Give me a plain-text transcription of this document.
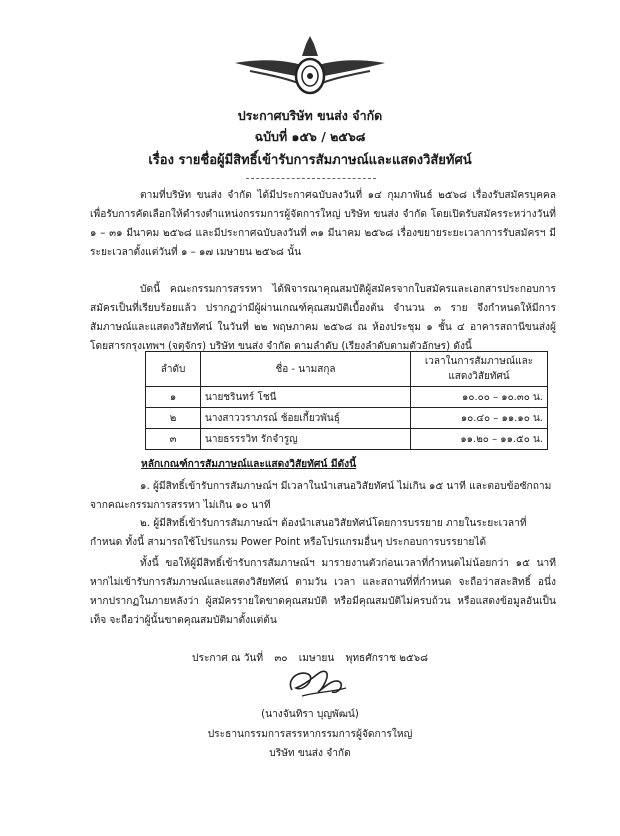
ประกาศบริษัท ขนส่ง จำกัด
ฉบับที่ ๑๕๖ / ๒๕๖๘
เรื่อง รายชื่อผู้มีสิทธิ์เข้ารับการสัมภาษณ์และแสดงวิสัยทัศน์
ตามที่บริษัท ขนส่ง จำกัด ได้มีประกาศฉบับลงวันที่ ๑๔ กุมภาพันธ์ ๒๕๖๘ เรื่องรับสมัครบุคคลเพื่อรับการคัดเลือกให้ดำรงตำแหน่งกรรมการผู้จัดการใหญ่ บริษัท ขนส่ง จำกัด โดยเปิดรับสมัครระหว่างวันที่ ๑ – ๓๑ มีนาคม ๒๕๖๘ และมีประกาศฉบับลงวันที่ ๓๑ มีนาคม ๒๕๖๘ เรื่องขยายระยะเวลาการรับสมัครฯ มีระยะเวลาตั้งแต่วันที่ ๑ – ๑๗ เมษายน ๒๕๖๘ นั้น
บัดนี้ คณะกรรมการสรรหา ได้พิจารณาคุณสมบัติผู้สมัครจากใบสมัครและเอกสารประกอบการสมัครเป็นที่เรียบร้อยแล้ว ปรากฏว่ามีผู้ผ่านเกณฑ์คุณสมบัติเบื้องต้น จำนวน ๓ ราย จึงกำหนดให้มีการสัมภาษณ์และแสดงวิสัยทัศน์ ในวันที่ ๒๒ พฤษภาคม ๒๕๖๘ ณ ห้องประชุม ๑ ชั้น ๔ อาคารสถานีขนส่งผู้โดยสารกรุงเทพฯ (จตุจักร) บริษัท ขนส่ง จำกัด ตามลำดับ (เรียงลำดับตามตัวอักษร) ดังนี้
ลำดับ	ชื่อ - นามสกุล	เวลาในการสัมภาษณ์และแสดงวิสัยทัศน์
๑	นายชรินทร์ โชนี	๑๐.๐๐ – ๑๐.๓๐ น.
๒	นางสาววราภรณ์ ช้อยเกี้ยวพันธุ์	๑๐.๔๐ – ๑๑.๑๐ น.
๓	นายธรรรวิท รักจำรูญ	๑๑.๒๐ – ๑๑.๕๐ น.
หลักเกณฑ์การสัมภาษณ์และแสดงวิสัยทัศน์ มีดังนี้
๑. ผู้มีสิทธิ์เข้ารับการสัมภาษณ์ฯ มีเวลาในนำเสนอวิสัยทัศน์ ไม่เกิน ๑๕ นาที และตอบข้อซักถามจากคณะกรรมการสรรหา ไม่เกิน ๑๐ นาที
๒. ผู้มีสิทธิ์เข้ารับการสัมภาษณ์ฯ ต้องนำเสนอวิสัยทัศน์โดยการบรรยาย ภายในระยะเวลาที่กำหนด ทั้งนี้ สามารถใช้โปรแกรม Power Point หรือโปรแกรมอื่นๆ ประกอบการบรรยายได้
ทั้งนี้ ขอให้ผู้มีสิทธิ์เข้ารับการสัมภาษณ์ฯ มารายงานตัวก่อนเวลาที่กำหนดไม่น้อยกว่า ๑๕ นาที หากไม่เข้ารับการสัมภาษณ์และแสดงวิสัยทัศน์ ตามวัน เวลา และสถานที่ที่กำหนด จะถือว่าสละสิทธิ์ อนึ่ง หากปรากฏในภายหลังว่า ผู้สมัครรายใดขาดคุณสมบัติ หรือมีคุณสมบัติไม่ครบถ้วน หรือแสดงข้อมูลอันเป็นเท็จ จะถือว่าผู้นั้นขาดคุณสมบัติมาตั้งแต่ต้น
ประกาศ ณ วันที่ ๓๐ เมษายน พุทธศักราช ๒๕๖๘
(นางจันทิรา บุญพัฒน์)
ประธานกรรมการสรรหากรรมการผู้จัดการใหญ่
บริษัท ขนส่ง จำกัด
